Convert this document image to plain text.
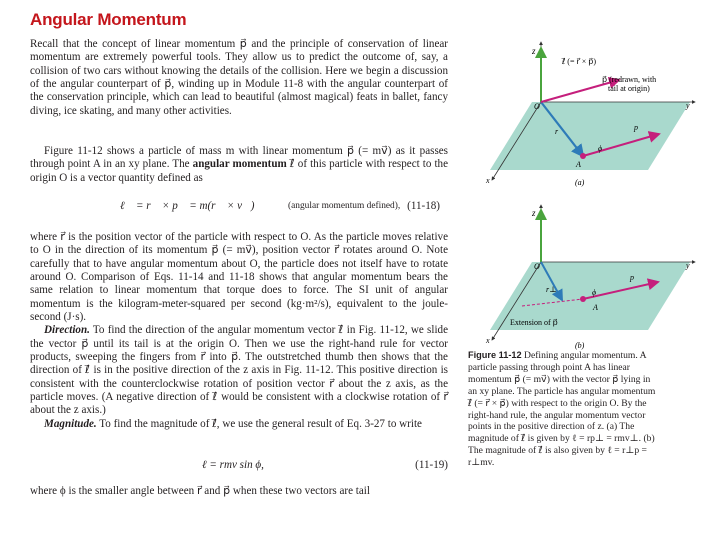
Angular Momentum

Recall that the concept of linear momentum p⃗ and the principle of conservation of linear momentum are extremely powerful tools. They allow us to predict the outcome of, say, a collision of two cars without knowing the details of the collision. Here we begin a discussion of the angular counterpart of p⃗, winding up in Module 11-8 with the angular counterpart of the conservation principle, which can lead to beautiful (almost magical) feats in ballet, fancy diving, ice skating, and many other activities.

Figure 11-12 shows a particle of mass m with linear momentum p⃗ (= mv⃗) as it passes through point A in an xy plane. The angular momentum ℓ⃗ of this particle with respect to the origin O is a vector quantity defined as

ℓ⃗ = r⃗ × p⃗ = m(r⃗ × v⃗)	(angular momentum defined), (11-18)

where r⃗ is the position vector of the particle with respect to O. As the particle moves relative to O in the direction of its momentum p⃗ (= mv⃗), position vector r⃗ rotates around O. Note carefully that to have angular momentum about O, the particle does not itself have to rotate around O. Comparison of Eqs. 11-14 and 11-18 shows that angular momentum bears the same relation to linear momentum that torque does to force. The SI unit of angular momentum is the kilogram-meter-squared per second (kg·m²/s), equivalent to the joule-second (J·s).

Direction. To find the direction of the angular momentum vector ℓ⃗ in Fig. 11-12, we slide the vector p⃗ until its tail is at the origin O. Then we use the right-hand rule for vector products, sweeping the fingers from r⃗ into p⃗. The outstretched thumb then shows that the direction of ℓ⃗ is in the positive direction of the z axis in Fig. 11-12. This positive direction is consistent with the counterclockwise rotation of position vector r⃗ about the z axis, as the particle moves. (A negative direction of ℓ⃗ would be consistent with a clockwise rotation of r⃗ about the z axis.)

Magnitude. To find the magnitude of ℓ⃗, we use the general result of Eq. 3-27 to write

ℓ = rmv sin ϕ,	(11-19)

where ϕ is the smaller angle between r⃗ and p⃗ when these two vectors are tail

z
ℓ⃗ (= r⃗ × p⃗)
p⃗ (redrawn, with
tail at origin)
O	y
x
r⃗	p⃗
ϕ
A
(a)
z
O	y
x
r⊥
p⃗
ϕ
A
Extension of p⃗
(b)
Figure 11-12 Defining angular momentum. A particle passing through point A has linear momentum p⃗ (= mv⃗) with the vector p⃗ lying in an xy plane. The particle has angular momentum ℓ⃗ (= r⃗ × p⃗) with respect to the origin O. By the right-hand rule, the angular momentum vector points in the positive direction of z. (a) The magnitude of ℓ⃗ is given by ℓ = rp⊥ = rmv⊥. (b) The magnitude of ℓ⃗ is also given by ℓ = r⊥p = r⊥mv.
